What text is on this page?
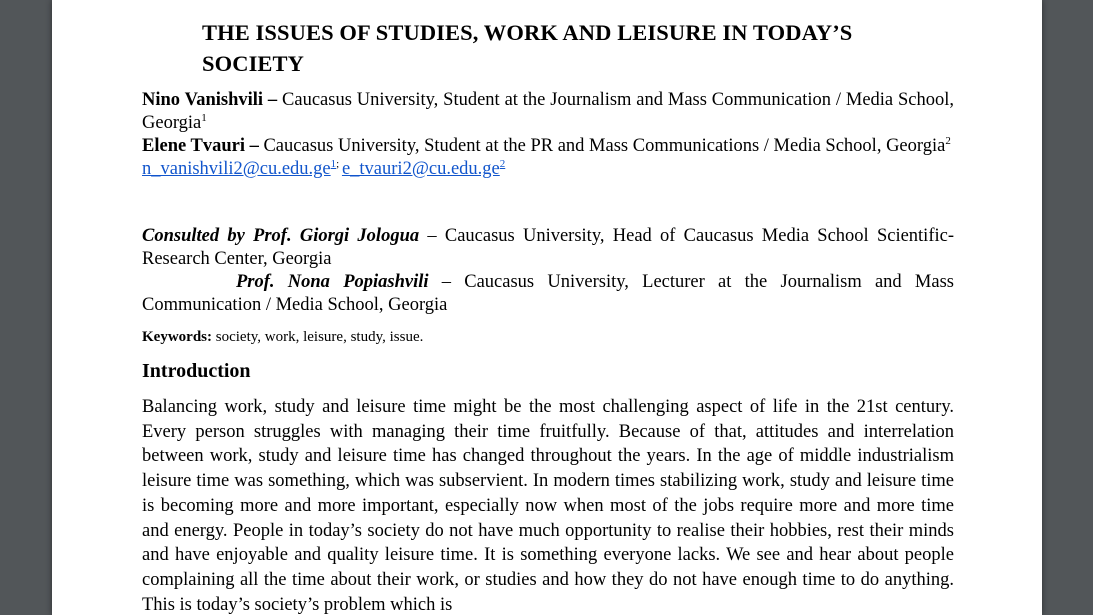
THE ISSUES OF STUDIES, WORK AND LEISURE IN TODAY’S SOCIETY
Nino Vanishvili – Caucasus University, Student at the Journalism and Mass Communication / Media School, Georgia$^1$
Elene Tvauri – Caucasus University, Student at the PR and Mass Communications / Media School, Georgia$^2$
$n\_vanishvili2@cu.edu.ge^{1;}$ $e\_tvauri2@cu.edu.ge^2$
Consulted by Prof. Giorgi Jologua – Caucasus University, Head of Caucasus Media School Scientific-Research Center, Georgia
Prof. Nona Popiashvili – Caucasus University, Lecturer at the Journalism and Mass Communication / Media School, Georgia
Keywords: society, work, leisure, study, issue.
Introduction

Balancing work, study and leisure time might be the most challenging aspect of life in the 21st century. Every person struggles with managing their time fruitfully. Because of that, attitudes and interrelation between work, study and leisure time has changed throughout the years. In the age of middle industrialism leisure time was something, which was subservient. In modern times stabilizing work, study and leisure time is becoming more and more important, especially now when most of the jobs require more and more time and energy. People in today’s society do not have much opportunity to realise their hobbies, rest their minds and have enjoyable and quality leisure time. It is something everyone lacks. We see and hear about people complaining all the time about their work, or studies and how they do not have enough time to do anything. This is today’s society’s problem which is
